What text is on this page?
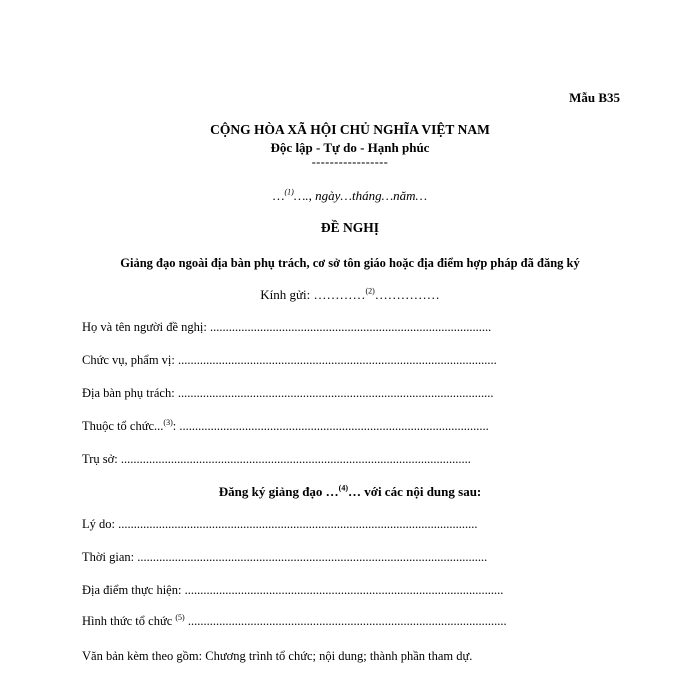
Mẫu B35
CỘNG HÒA XÃ HỘI CHỦ NGHĨA VIỆT NAM
Độc lập - Tự do - Hạnh phúc
-----------------
…$^{(1)}$…., ngày…tháng…năm…
ĐỀ NGHỊ
Giảng đạo ngoài địa bàn phụ trách, cơ sở tôn giáo hoặc địa điểm hợp pháp đã đăng ký
Kính gửi: …………$^{(2)}$……………
Họ và tên người đề nghị: ..........................................................................................
Chức vụ, phẩm vị: ......................................................................................................
Địa bàn phụ trách: .....................................................................................................
Thuộc tổ chức...$^{(3)}$: ...................................................................................................
Trụ sở: ................................................................................................................
Đăng ký giảng đạo …$^{(4)}$… với các nội dung sau:
Lý do: ...................................................................................................................
Thời gian: ................................................................................................................
Địa điểm thực hiện: ......................................................................................................
Hình thức tổ chức $^{(5)}$ ......................................................................................................
Văn bản kèm theo gồm: Chương trình tổ chức; nội dung; thành phần tham dự.
